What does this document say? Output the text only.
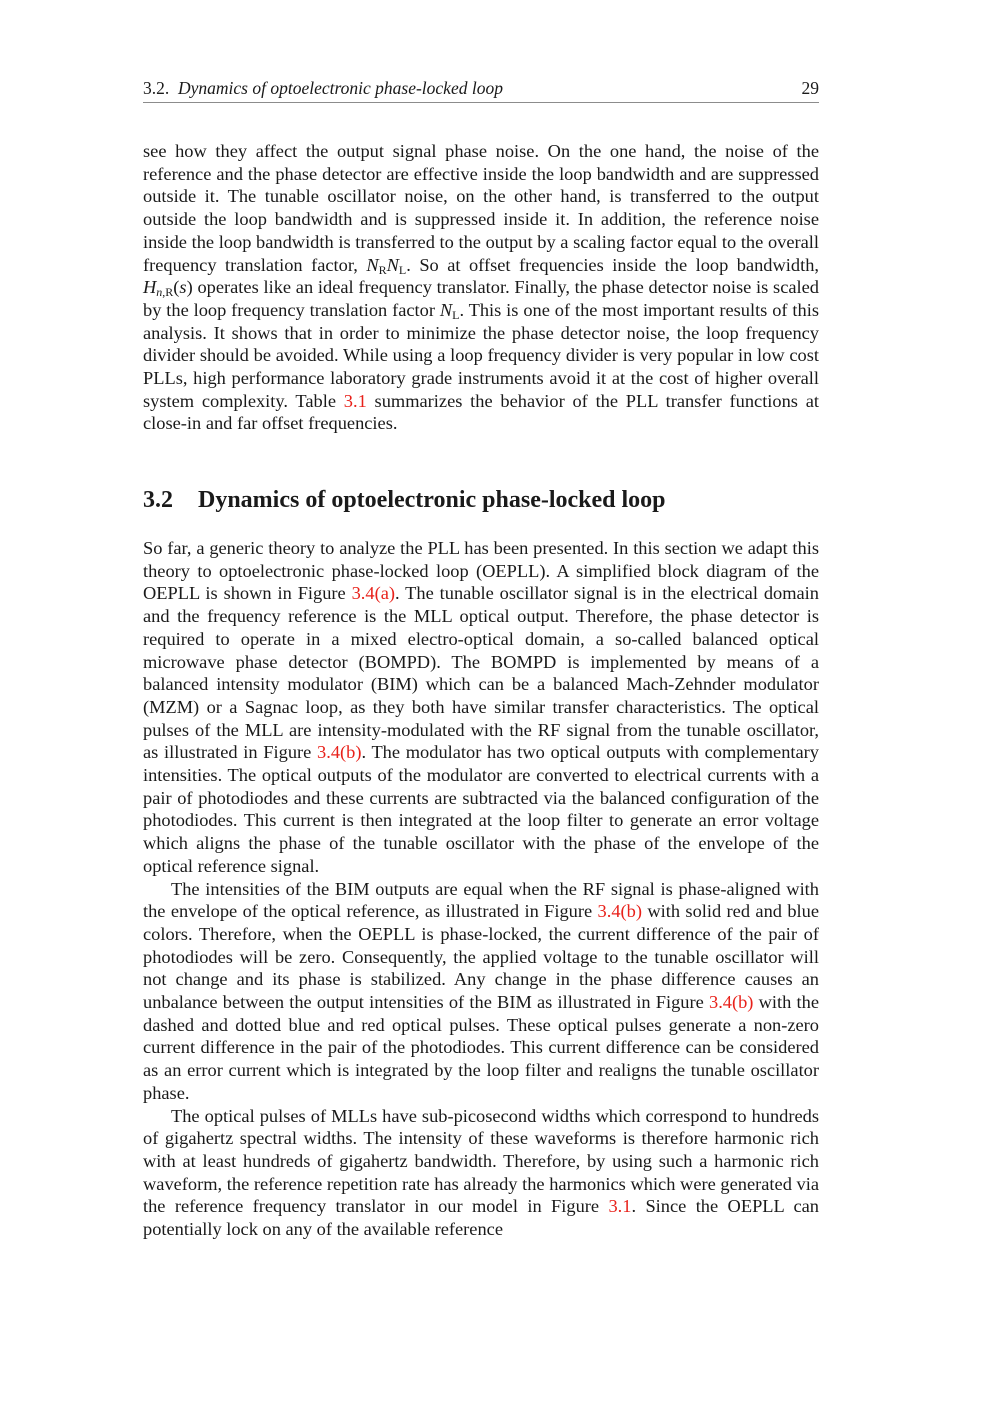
3.2. Dynamics of optoelectronic phase-locked loop	29

see how they affect the output signal phase noise. On the one hand, the noise of the reference and the phase detector are effective inside the loop bandwidth and are suppressed outside it. The tunable oscillator noise, on the other hand, is transferred to the output outside the loop bandwidth and is suppressed inside it. In addition, the reference noise inside the loop bandwidth is transferred to the output by a scaling factor equal to the overall frequency translation factor, $N_RN_L$. So at offset frequencies inside the loop bandwidth, $H_{n,R}(s)$ operates like an ideal frequency translator. Finally, the phase detector noise is scaled by the loop frequency translation factor $N_L$. This is one of the most important results of this analysis. It shows that in order to minimize the phase detector noise, the loop frequency divider should be avoided. While using a loop frequency divider is very popular in low cost PLLs, high performance laboratory grade instruments avoid it at the cost of higher overall system complexity. Table 3.1 summarizes the behavior of the PLL transfer functions at close-in and far offset frequencies.

3.2 Dynamics of optoelectronic phase-locked loop

So far, a generic theory to analyze the PLL has been presented. In this section we adapt this theory to optoelectronic phase-locked loop (OEPLL). A simplified block diagram of the OEPLL is shown in Figure 3.4(a). The tunable oscillator signal is in the electrical domain and the frequency reference is the MLL optical output. Therefore, the phase detector is required to operate in a mixed electro-optical domain, a so-called balanced optical microwave phase detector (BOMPD). The BOMPD is implemented by means of a balanced intensity modulator (BIM) which can be a balanced Mach-Zehnder modulator (MZM) or a Sagnac loop, as they both have similar transfer characteristics. The optical pulses of the MLL are intensity-modulated with the RF signal from the tunable oscillator, as illustrated in Figure 3.4(b). The modulator has two optical outputs with complementary intensities. The optical outputs of the modulator are converted to electrical currents with a pair of photodiodes and these currents are subtracted via the balanced configuration of the photodiodes. This current is then integrated at the loop filter to generate an error voltage which aligns the phase of the tunable oscillator with the phase of the envelope of the optical reference signal.

The intensities of the BIM outputs are equal when the RF signal is phase-aligned with the envelope of the optical reference, as illustrated in Figure 3.4(b) with solid red and blue colors. Therefore, when the OEPLL is phase-locked, the current difference of the pair of photodiodes will be zero. Consequently, the applied voltage to the tunable oscillator will not change and its phase is stabilized. Any change in the phase difference causes an unbalance between the output intensities of the BIM as illustrated in Figure 3.4(b) with the dashed and dotted blue and red optical pulses. These optical pulses generate a non-zero current difference in the pair of the photodiodes. This current difference can be considered as an error current which is integrated by the loop filter and realigns the tunable oscillator phase.

The optical pulses of MLLs have sub-picosecond widths which correspond to hundreds of gigahertz spectral widths. The intensity of these waveforms is therefore harmonic rich with at least hundreds of gigahertz bandwidth. Therefore, by using such a harmonic rich waveform, the reference repetition rate has already the harmonics which were generated via the reference frequency translator in our model in Figure 3.1. Since the OEPLL can potentially lock on any of the available reference
